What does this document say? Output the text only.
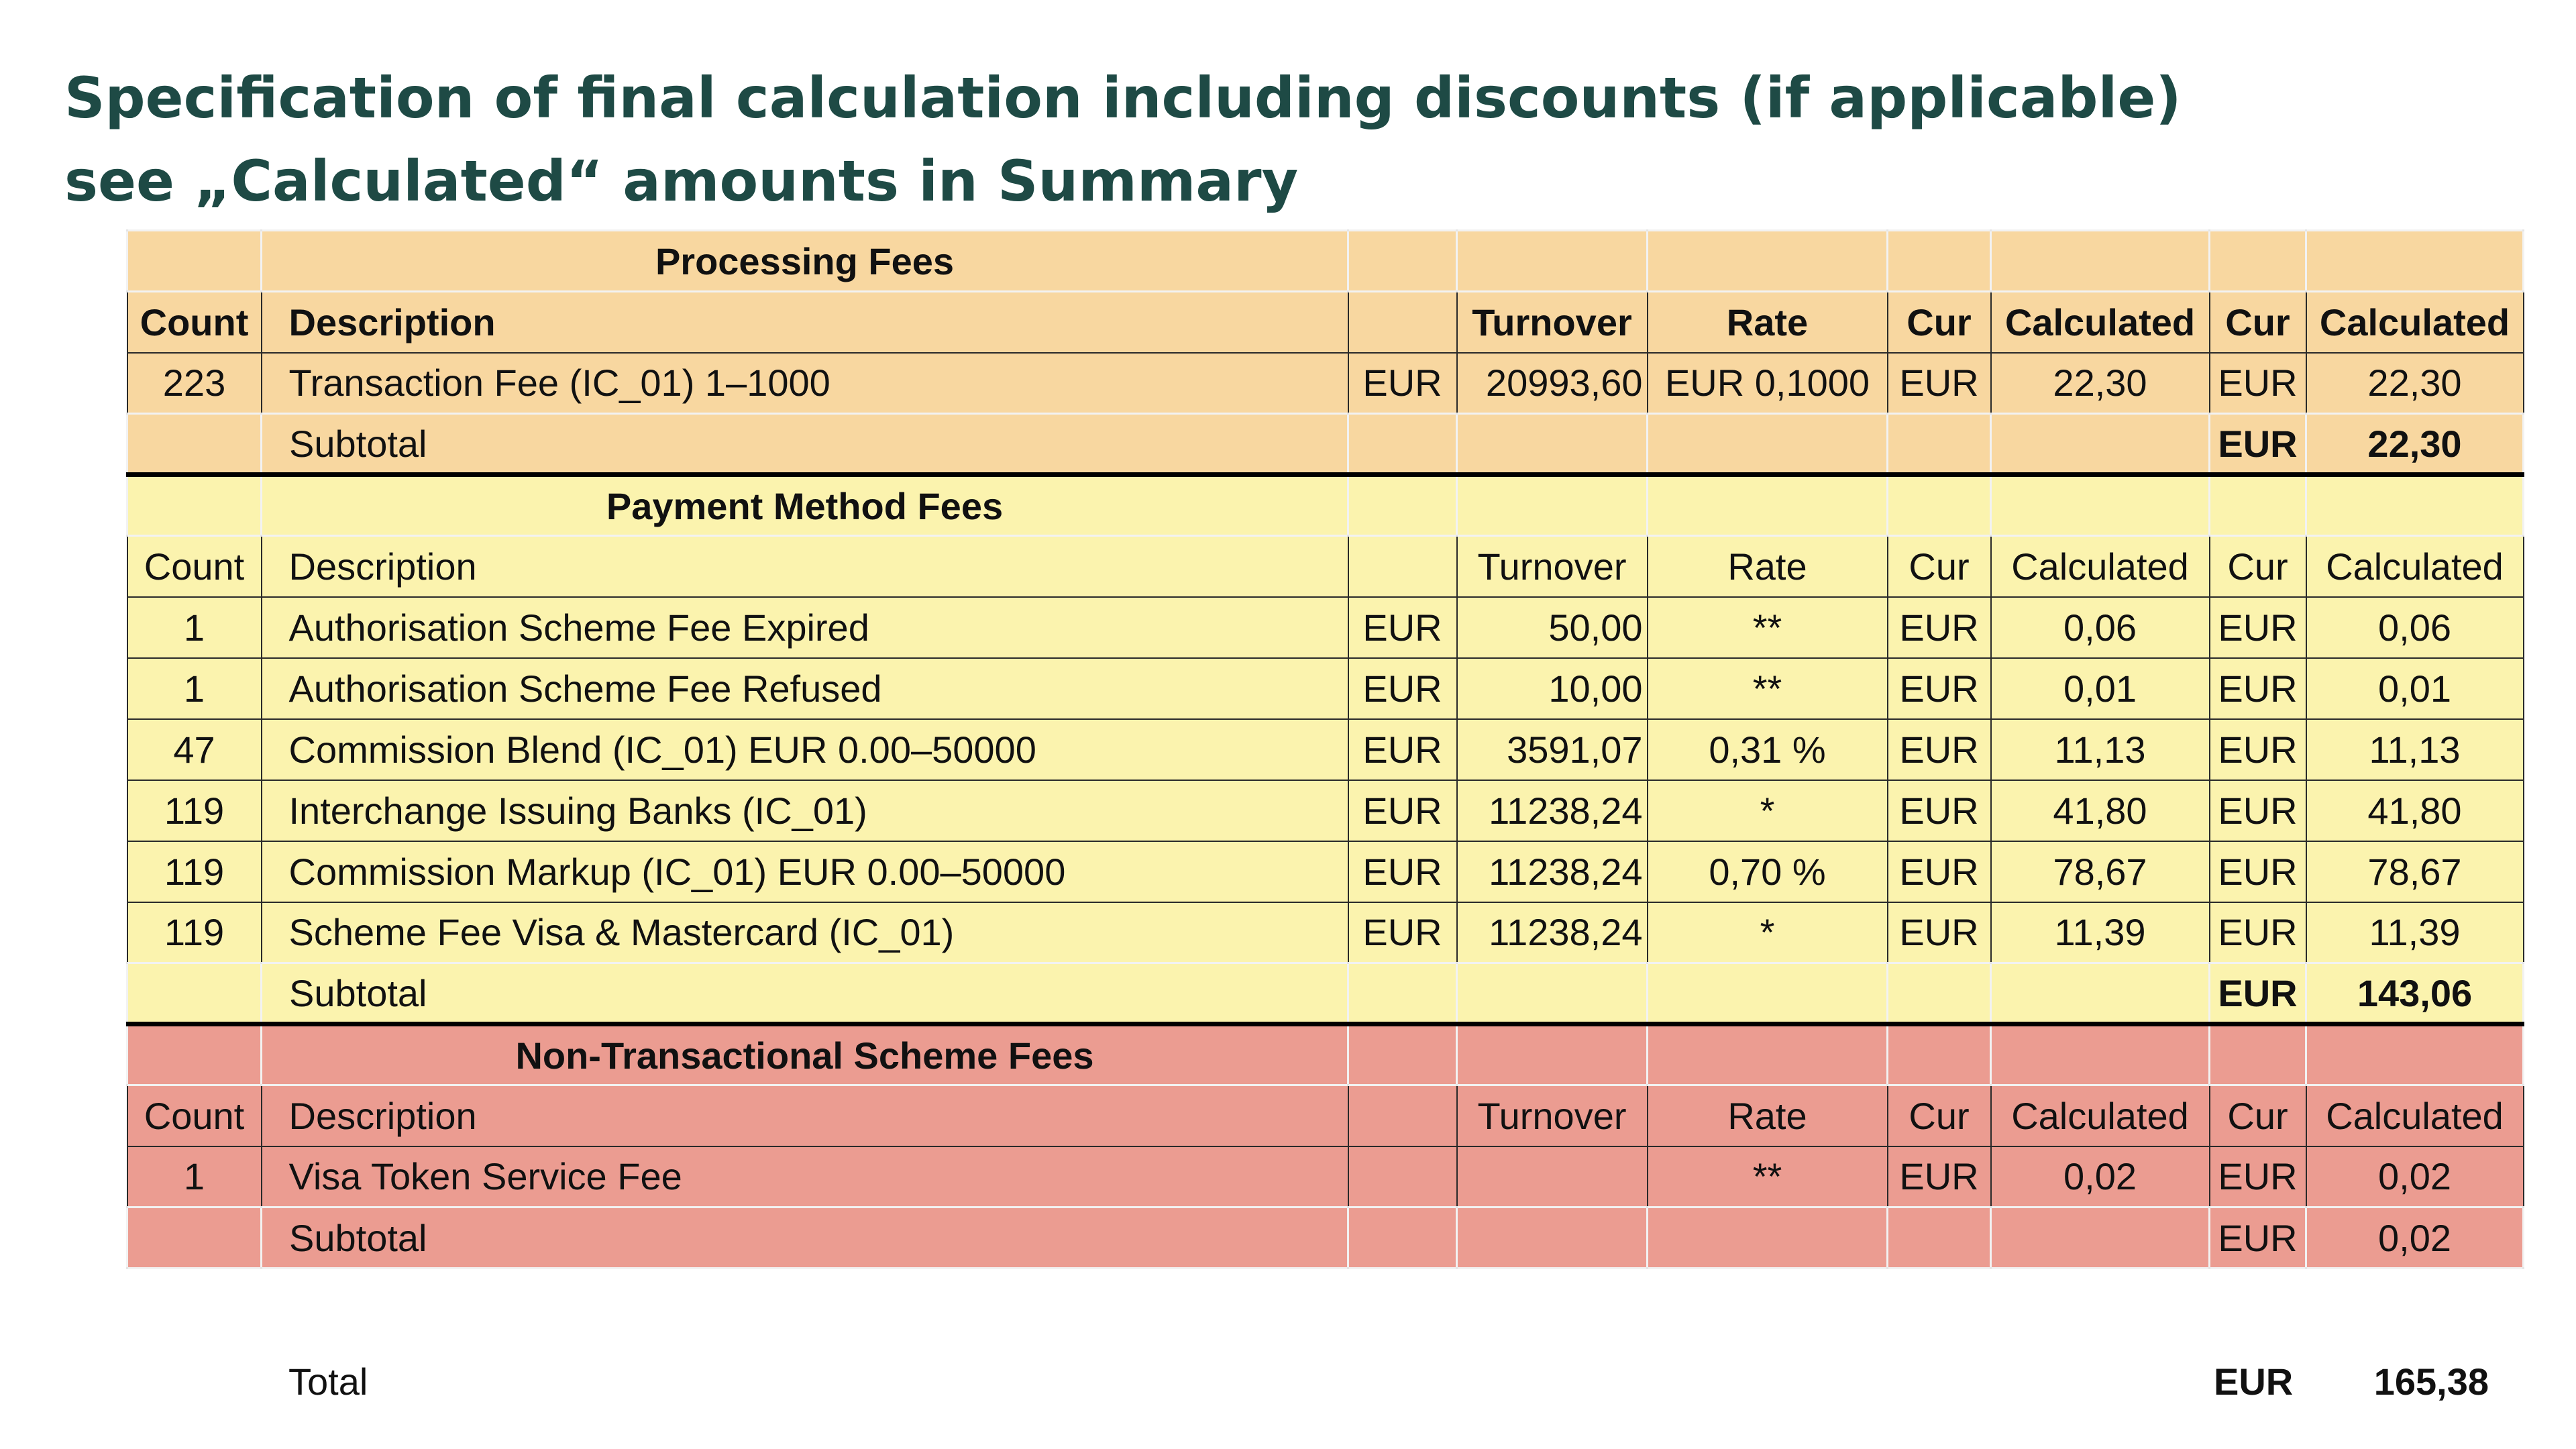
Specification of final calculation including discounts (if applicable)
see „Calculated“ amounts in Summary
	Processing Fees							
Count	Description		Turnover	Rate	Cur	Calculated	Cur	Calculated
223	Transaction Fee (IC_01) 1–1000	EUR	20993,60	EUR 0,1000	EUR	22,30	EUR	22,30
	Subtotal						EUR	22,30
	Payment Method Fees							
Count	Description		Turnover	Rate	Cur	Calculated	Cur	Calculated
1	Authorisation Scheme Fee Expired	EUR	50,00	**	EUR	0,06	EUR	0,06
1	Authorisation Scheme Fee Refused	EUR	10,00	**	EUR	0,01	EUR	0,01
47	Commission Blend (IC_01) EUR 0.00–50000	EUR	3591,07	0,31 %	EUR	11,13	EUR	11,13
119	Interchange Issuing Banks (IC_01)	EUR	11238,24	*	EUR	41,80	EUR	41,80
119	Commission Markup (IC_01) EUR 0.00–50000	EUR	11238,24	0,70 %	EUR	78,67	EUR	78,67
119	Scheme Fee Visa & Mastercard (IC_01)	EUR	11238,24	*	EUR	11,39	EUR	11,39
	Subtotal						EUR	143,06
	Non-Transactional Scheme Fees							
Count	Description		Turnover	Rate	Cur	Calculated	Cur	Calculated
1	Visa Token Service Fee			**	EUR	0,02	EUR	0,02
	Subtotal						EUR	0,02
Total	EUR	165,38
